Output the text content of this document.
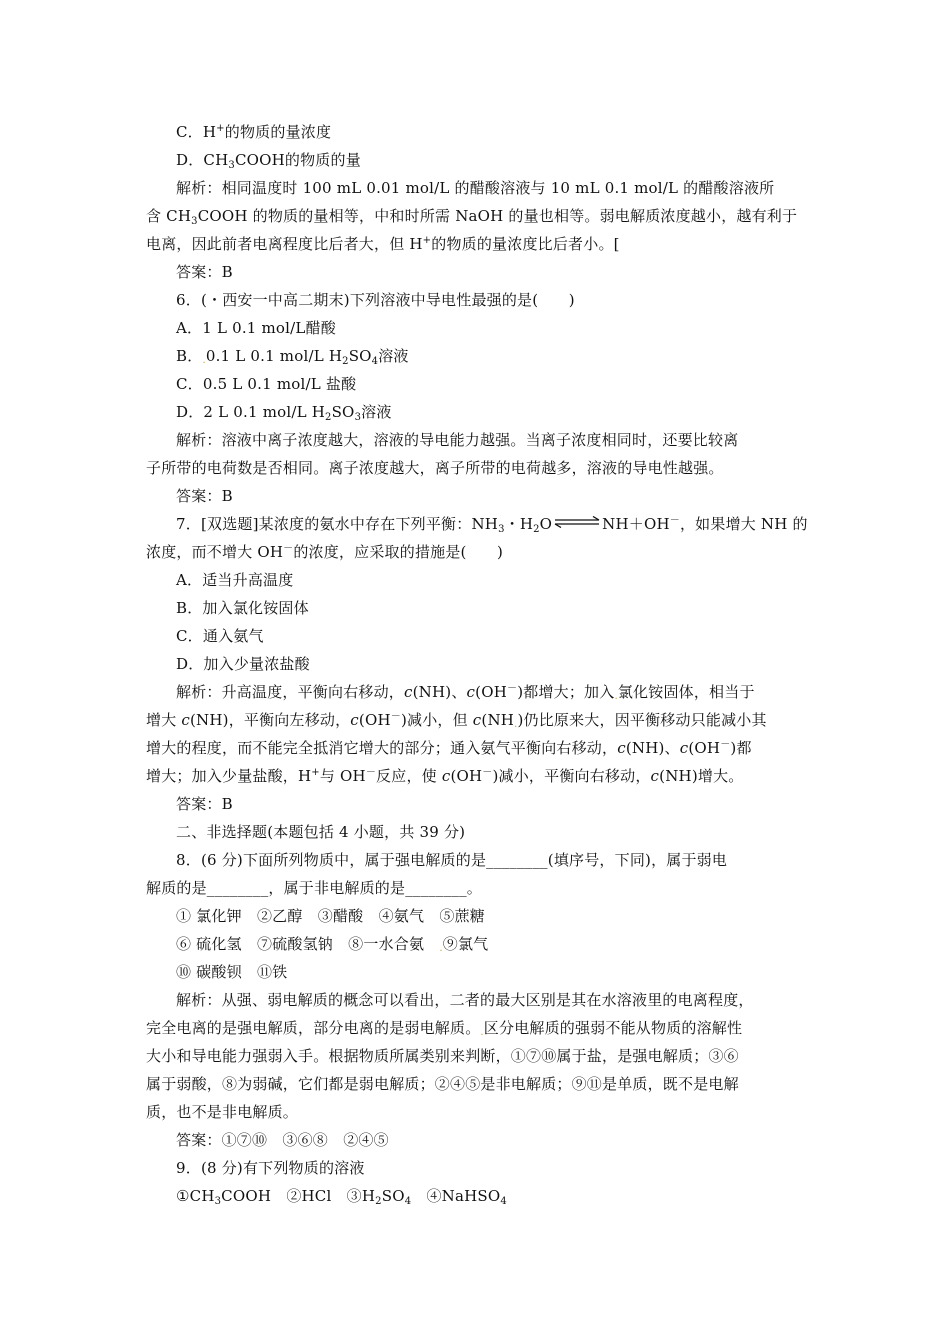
C．H+的物质的量浓度
D．$CH_3COOH$的物质的量
解析：相同温度时 100 mL 0.01 mol/L 的醋酸溶液与 10 mL 0.1 mol/L 的醋酸溶液所
含 $CH_3COOH$ 的物质的量相等，中和时所需 NaOH 的量也相等。弱电解质浓度越小，越有利于
电离，因此前者电离程度比后者大，但 H+的物质的量浓度比后者小。[
答案：B
6．(・西安一中高二期末)下列溶液中导电性最强的是(　　)
A．1 L 0.1 mol/L醋酸
B．.0.1 L 0.1 mol/L $H_2SO_4$溶液
C．0.5 L 0.1 mol/L 盐酸
D．2 L 0.1 mol/L $H_2SO_3$溶液
解析：溶液中离子浓度越大，溶液的导电能力越强。当离子浓度相同时，还要比较离
子所带的电荷数是否相同。离子浓度越大，离子所带的电荷越多，溶液的导电性越强。
答案：B
7．[双选题]某浓度的氨水中存在下列平衡：$NH_3$・$H_2O\rightleftharpoons NH+OH^-$，如果增大 NH 的
浓度，而不增大 OH－的浓度，应采取的措施是(　　)
A．适当升高温度
B．加入氯化铵固体
C．通入氨气
D．加入少量浓盐酸
解析：升高温度，平衡向右移动，c(NH)、c(OH－)都增大；加入.氯化铵固体，相当于
增大 c(NH)，平衡向左移动，c(OH－)减小，但 c(NH.)仍比原来大，因平衡移动只能减小其
增大的程度，而不能完全抵消它增大的部分；通入氨气平衡向右移动，c(NH)、c(OH－)都
增大；加入少量盐酸，H+与 OH－反应，使 c(OH－)减小，平衡向右移动，c(NH)增大。
答案：B
二、非选择题(本题包括 4 小题，共 39 分)
8．(6 分)下面所列物质中，属于强电解质的是________(填序号，下同)，属于弱电
解质的是________，属于非电解质的是________。
① 氯化钾　②乙醇　③醋酸　④氨气　⑤蔗糖
⑥ 硫化氢　⑦硫酸氢钠　⑧一水合氨　.⑨氯气
⑩ 碳酸钡　⑪铁
解析：从强、弱电解质的概念可以看出，二者的最大区别是其在水溶液里的电离程度，
完全电离的是强电解质，部分电离的是弱电解质。.区分电解质的强弱不能从物质的溶解性
大小和导电能力强弱入手。根据物质所属类别来判断，①⑦⑩属于盐，是强电解质；③⑥
属于弱酸，⑧为弱碱，它们都是弱电解质；②④⑤是非电解质；⑨⑪是单质，既不是电解
质，也不是非电解质。
答案：①⑦⑩　③⑥⑧　②④⑤
9．(8 分)有下列物质的溶液
$①CH_3COOH$　②HCl　$③H_2SO_4$　④NaHSO$_4$
